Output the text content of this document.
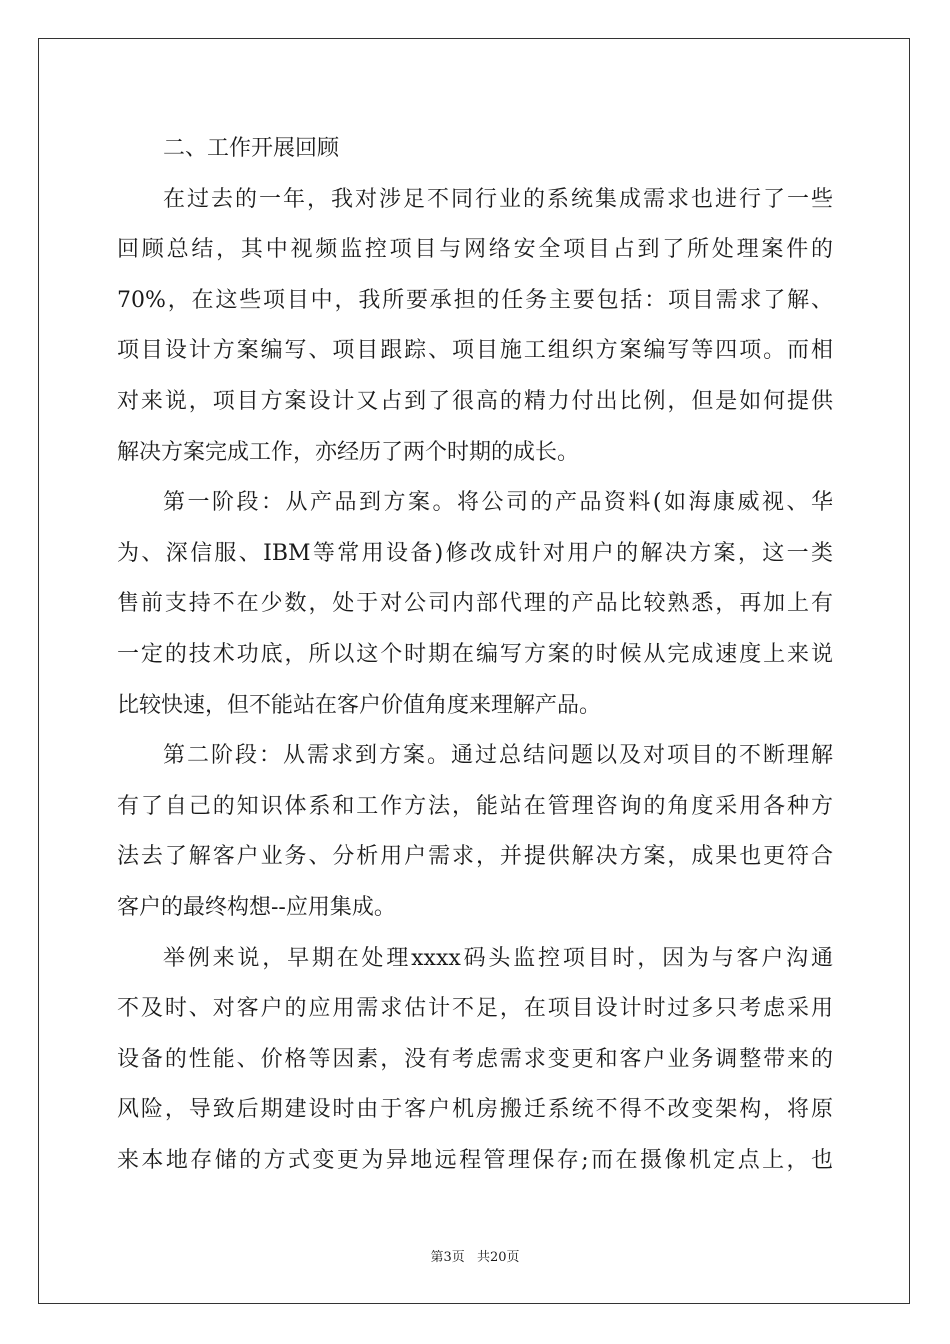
二、工作开展回顾
在过去的一年，我对涉足不同行业的系统集成需求也进行了一些
回顾总结，其中视频监控项目与网络安全项目占到了所处理案件的
70%，在这些项目中，我所要承担的任务主要包括：项目需求了解、
项目设计方案编写、项目跟踪、项目施工组织方案编写等四项。而相
对来说，项目方案设计又占到了很高的精力付出比例，但是如何提供
解决方案完成工作，亦经历了两个时期的成长。
第一阶段：从产品到方案。将公司的产品资料(如海康威视、华
为、深信服、IBM等常用设备)修改成针对用户的解决方案，这一类
售前支持不在少数，处于对公司内部代理的产品比较熟悉，再加上有
一定的技术功底，所以这个时期在编写方案的时候从完成速度上来说
比较快速，但不能站在客户价值角度来理解产品。
第二阶段：从需求到方案。通过总结问题以及对项目的不断理解
有了自己的知识体系和工作方法，能站在管理咨询的角度采用各种方
法去了解客户业务、分析用户需求，并提供解决方案，成果也更符合
客户的最终构想--应用集成。
举例来说，早期在处理xxxx码头监控项目时，因为与客户沟通
不及时、对客户的应用需求估计不足，在项目设计时过多只考虑采用
设备的性能、价格等因素，没有考虑需求变更和客户业务调整带来的
风险，导致后期建设时由于客户机房搬迁系统不得不改变架构，将原
来本地存储的方式变更为异地远程管理保存;而在摄像机定点上，也
第3页 共20页
